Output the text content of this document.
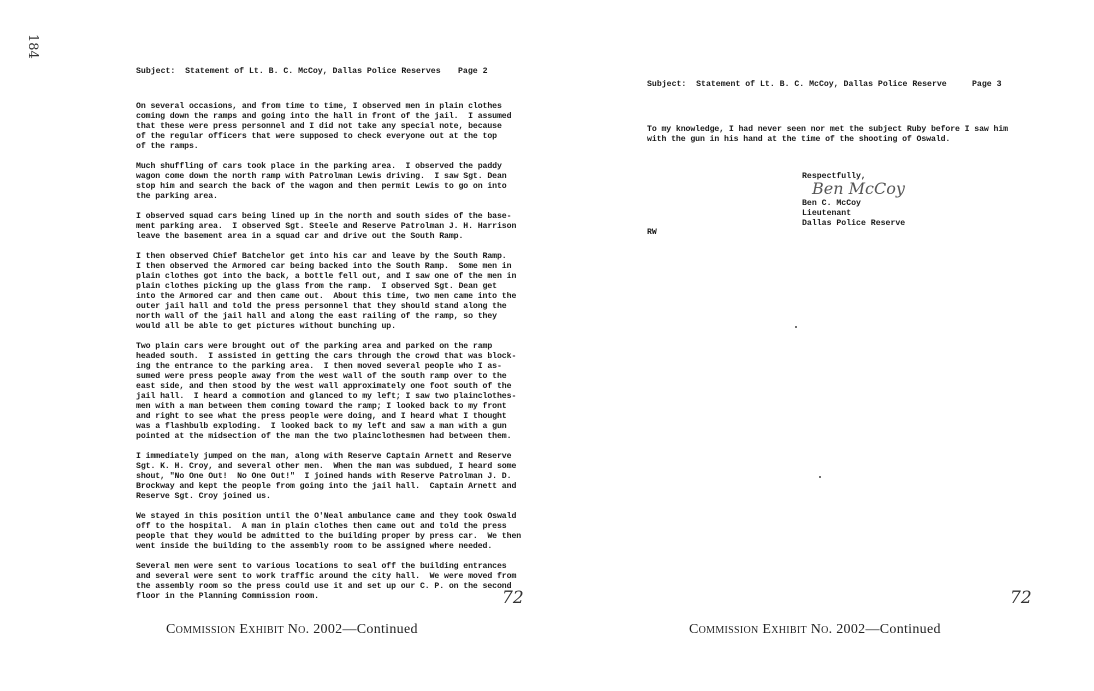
184
Subject:  Statement of Lt. B. C. McCoy, Dallas Police Reserves Page 2
On several occasions, and from time to time, I observed men in plain clothes
coming down the ramps and going into the hall in front of the jail.  I assumed
that these were press personnel and I did not take any special note, because
of the regular officers that were supposed to check everyone out at the top
of the ramps.
Much shuffling of cars took place in the parking area.  I observed the paddy
wagon come down the north ramp with Patrolman Lewis driving.  I saw Sgt. Dean
stop him and search the back of the wagon and then permit Lewis to go on into
the parking area.
I observed squad cars being lined up in the north and south sides of the base-
ment parking area.  I observed Sgt. Steele and Reserve Patrolman J. H. Harrison
leave the basement area in a squad car and drive out the South Ramp.
I then observed Chief Batchelor get into his car and leave by the South Ramp.
I then observed the Armored car being backed into the South Ramp.  Some men in
plain clothes got into the back, a bottle fell out, and I saw one of the men in
plain clothes picking up the glass from the ramp.  I observed Sgt. Dean get
into the Armored car and then came out.  About this time, two men came into the
outer jail hall and told the press personnel that they should stand along the
north wall of the jail hall and along the east railing of the ramp, so they
would all be able to get pictures without bunching up.
Two plain cars were brought out of the parking area and parked on the ramp
headed south.  I assisted in getting the cars through the crowd that was block-
ing the entrance to the parking area.  I then moved several people who I as-
sumed were press people away from the west wall of the south ramp over to the
east side, and then stood by the west wall approximately one foot south of the
jail hall.  I heard a commotion and glanced to my left; I saw two plainclothes-
men with a man between them coming toward the ramp; I looked back to my front
and right to see what the press people were doing, and I heard what I thought
was a flashbulb exploding.  I looked back to my left and saw a man with a gun
pointed at the midsection of the man the two plainclothesmen had between them.
I immediately jumped on the man, along with Reserve Captain Arnett and Reserve
Sgt. K. H. Croy, and several other men.  When the man was subdued, I heard some
shout, "No One Out!  No One Out!"  I joined hands with Reserve Patrolman J. D.
Brockway and kept the people from going into the jail hall.  Captain Arnett and
Reserve Sgt. Croy joined us.
We stayed in this position until the O'Neal ambulance came and they took Oswald
off to the hospital.  A man in plain clothes then came out and told the press
people that they would be admitted to the building proper by press car.  We then
went inside the building to the assembly room to be assigned where needed.
Several men were sent to various locations to seal off the building entrances
and several were sent to work traffic around the city hall.  We were moved from
the assembly room so the press could use it and set up our C. P. on the second
floor in the Planning Commission room.	72
Commission Exhibit No. 2002—Continued
Subject:  Statement of Lt. B. C. McCoy, Dallas Police Reserve	Page 3
To my knowledge, I had never seen nor met the subject Ruby before I saw him
with the gun in his hand at the time of the shooting of Oswald.
Respectfully,
Ben McCoy
Ben C. McCoy
Lieutenant
Dallas Police Reserve
RW
72
Commission Exhibit No. 2002—Continued
